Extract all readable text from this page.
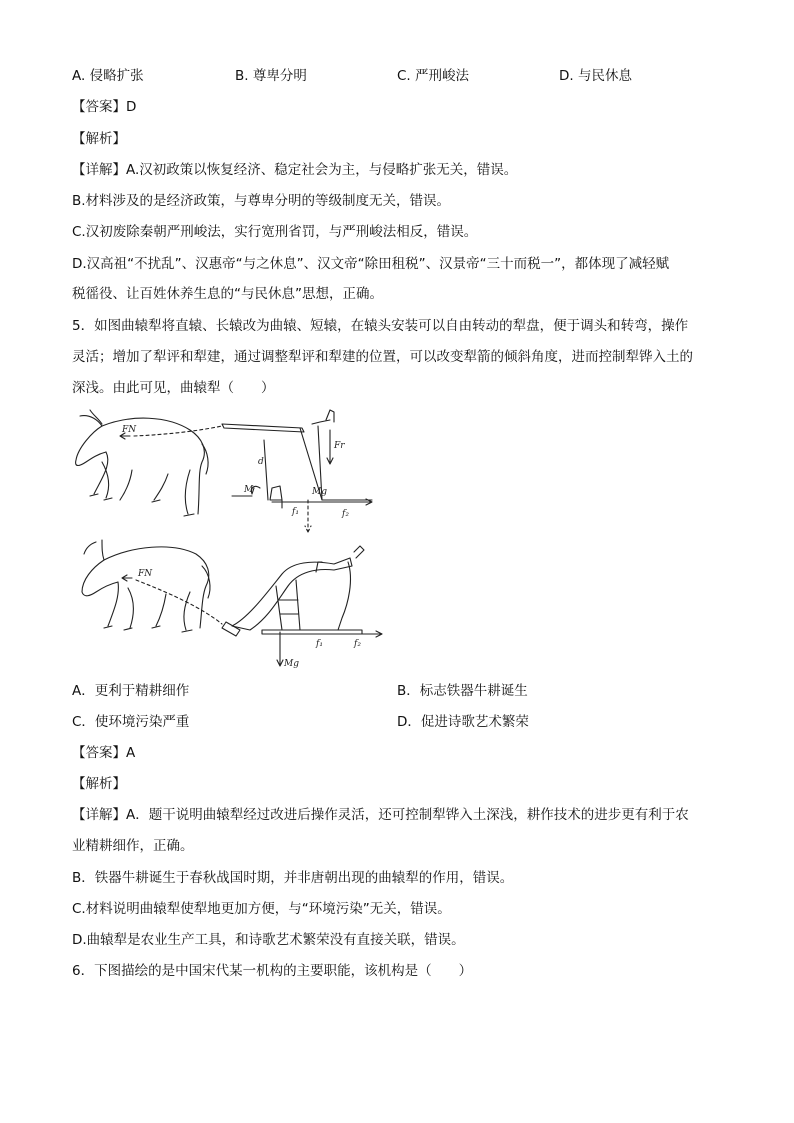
A. 侵略扩张	B. 尊卑分明	C. 严刑峻法	D. 与民休息
【答案】D
【解析】
【详解】A.汉初政策以恢复经济、稳定社会为主，与侵略扩张无关，错误。
B.材料涉及的是经济政策，与尊卑分明的等级制度无关，错误。
C.汉初废除秦朝严刑峻法，实行宽刑省罚，与严刑峻法相反，错误。
D.汉高祖“不扰乱”、汉惠帝“与之休息”、汉文帝“除田租税”、汉景帝“三十而税一”，都体现了减轻赋
税徭役、让百姓休养生息的“与民休息”思想，正确。
5．如图曲辕犁将直辕、长辕改为曲辕、短辕，在辕头安装可以自由转动的犁盘，便于调头和转弯，操作
灵活；增加了犁评和犁建，通过调整犁评和犁建的位置，可以改变犁箭的倾斜角度，进而控制犁铧入土的
深浅。由此可见，曲辕犁（　　）
FN
Fr
d
M	Mg
f₁	f₂
FN
Mg
f₁	f₂
A．更利于精耕细作	B．标志铁器牛耕诞生
C．使环境污染严重	D．促进诗歌艺术繁荣
【答案】A
【解析】
【详解】A．题干说明曲辕犁经过改进后操作灵活，还可控制犁铧入土深浅，耕作技术的进步更有利于农
业精耕细作，正确。
B．铁器牛耕诞生于春秋战国时期，并非唐朝出现的曲辕犁的作用，错误。
C.材料说明曲辕犁使犁地更加方便，与“环境污染”无关，错误。
D.曲辕犁是农业生产工具，和诗歌艺术繁荣没有直接关联，错误。
6．下图描绘的是中国宋代某一机构的主要职能，该机构是（　　）
